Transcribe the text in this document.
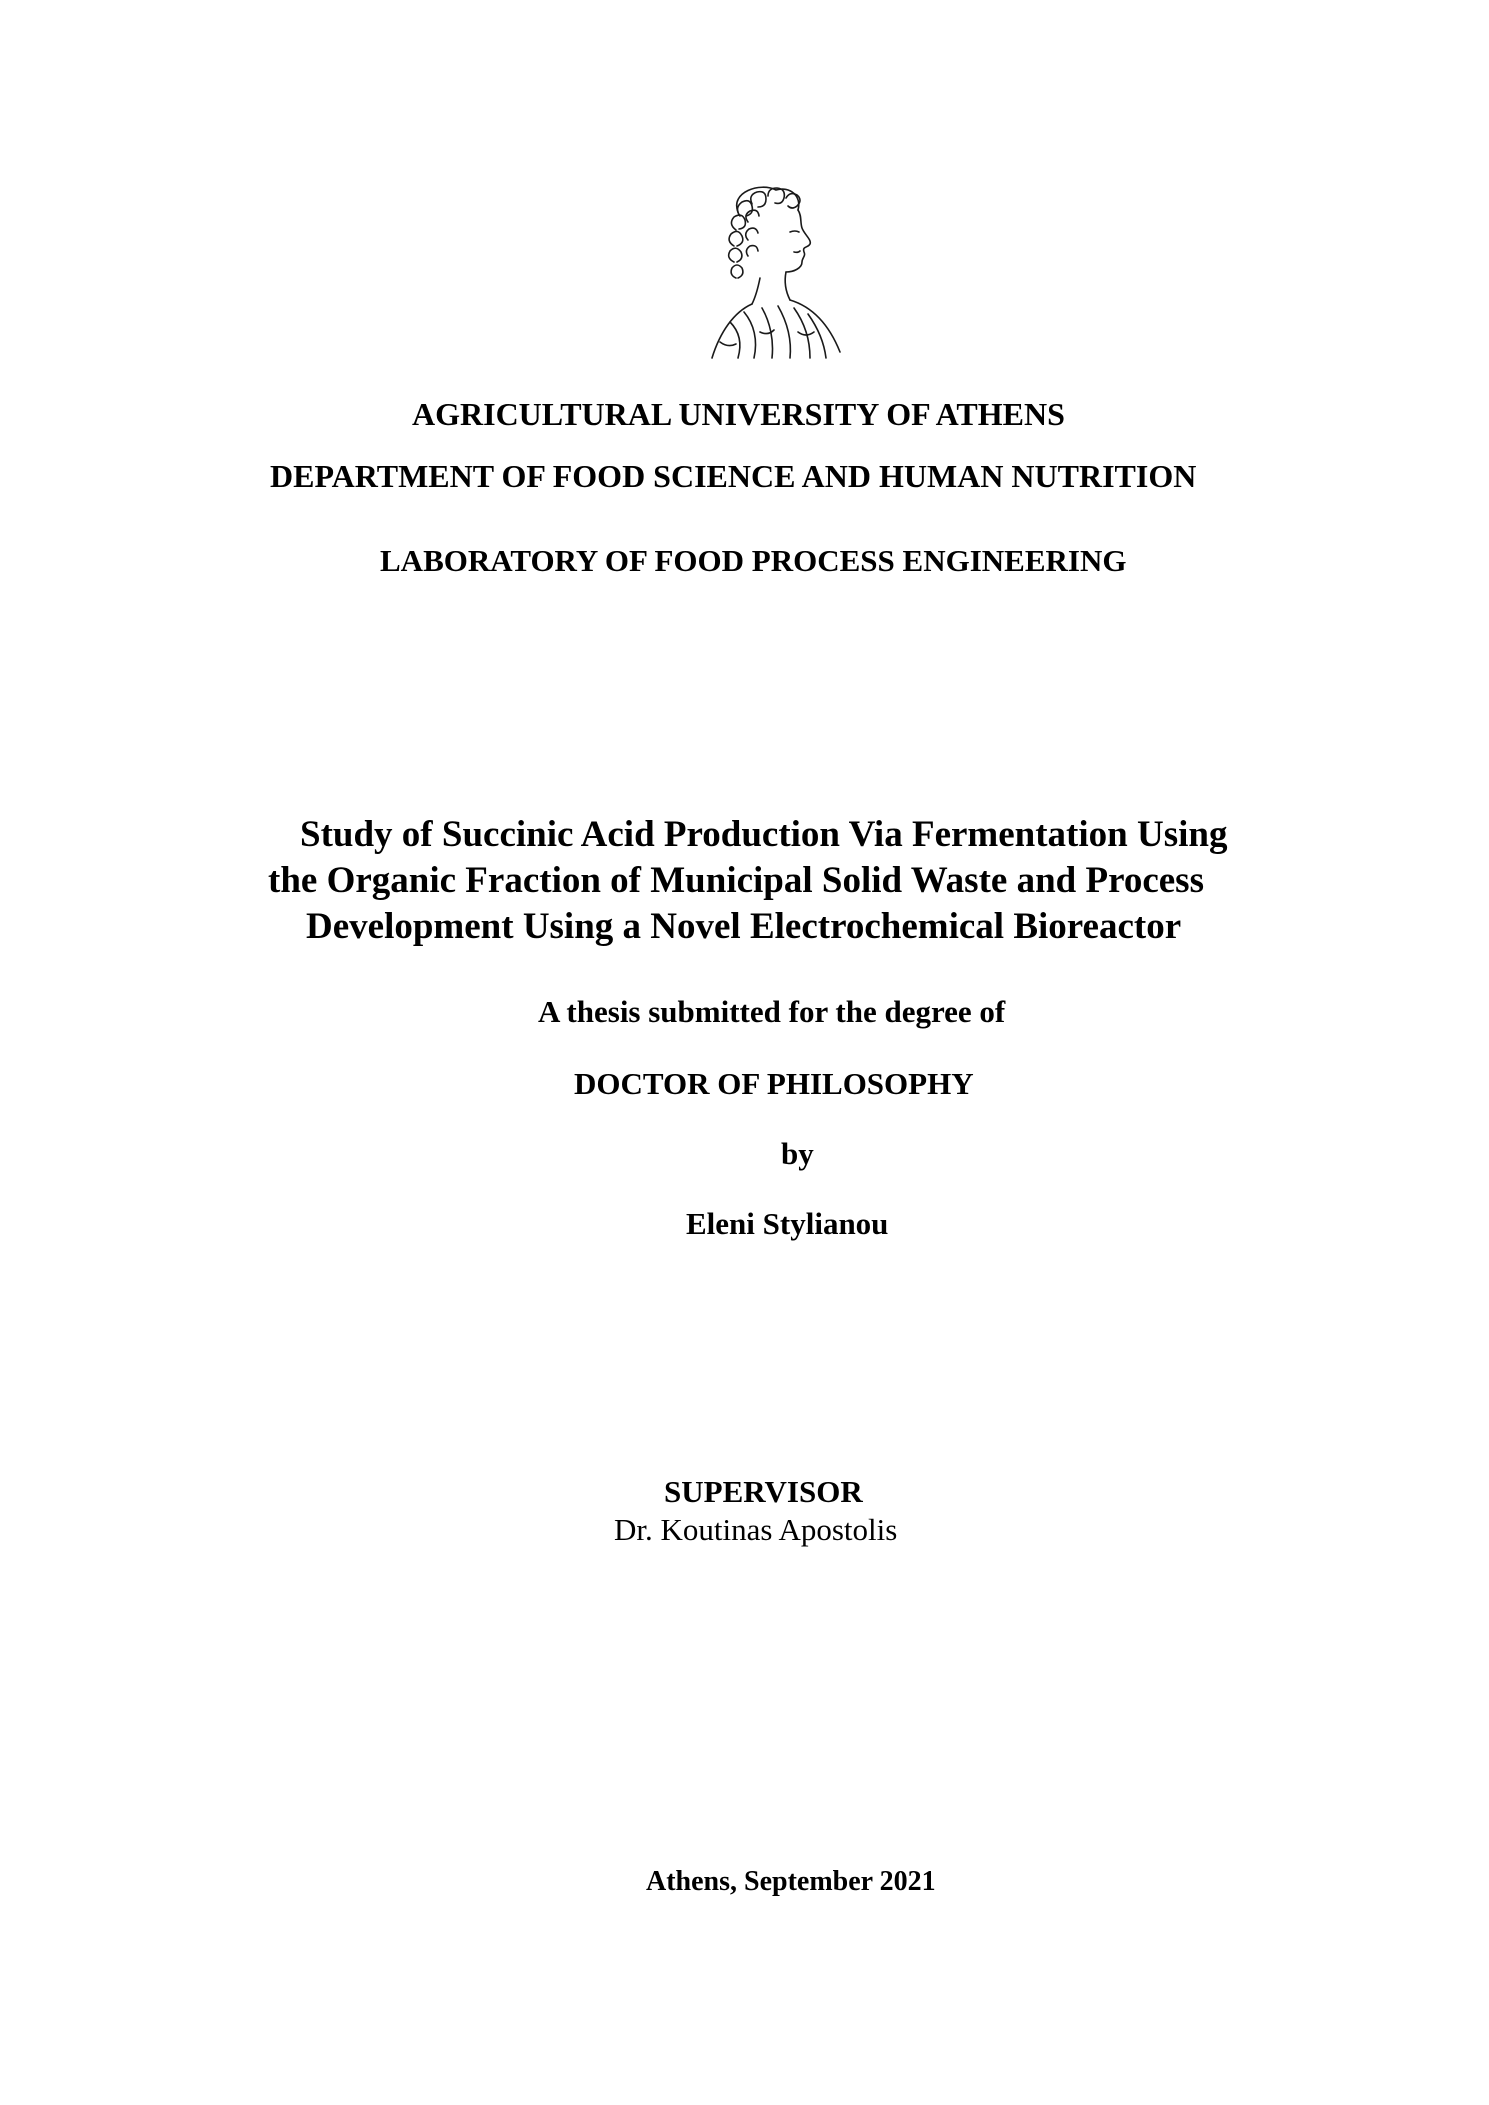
AGRICULTURAL UNIVERSITY OF ATHENS
DEPARTMENT OF FOOD SCIENCE AND HUMAN NUTRITION
LABORATORY OF FOOD PROCESS ENGINEERING
Study of Succinic Acid Production Via Fermentation Using
the Organic Fraction of Municipal Solid Waste and Process
Development Using a Novel Electrochemical Bioreactor
A thesis submitted for the degree of
DOCTOR OF PHILOSOPHY
by
Eleni Stylianou
SUPERVISOR
Dr. Koutinas Apostolis
Athens, September 2021
